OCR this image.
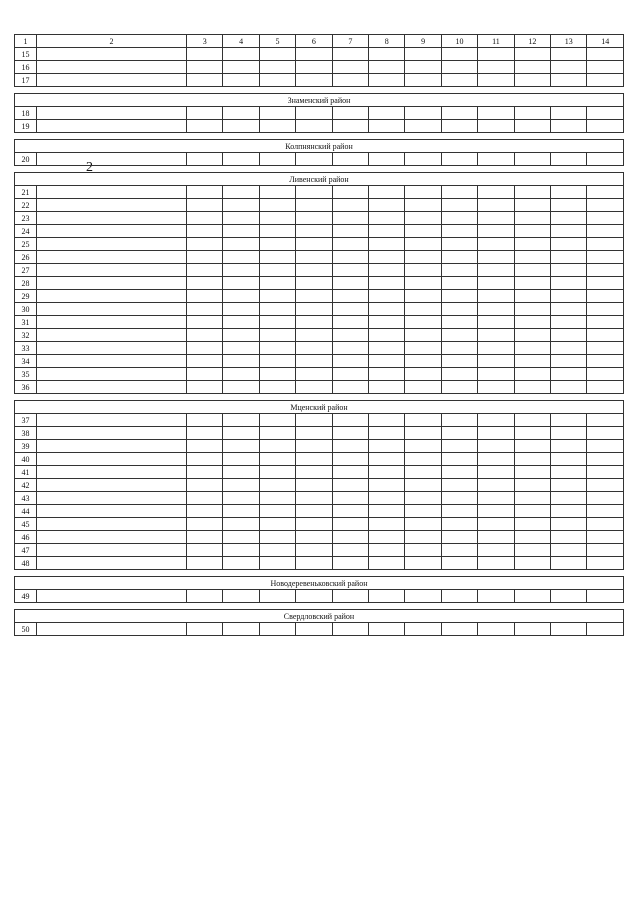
2
1	2	3	4	5	6	7	8	9	10	11	12	13	14
15													
16													
17													

Знаменский район													
18													
19													

Колпнянский район													
20													

Ливенский район													
21													
22													
23													
24													
25													
26													
27													
28													
29													
30													
31													
32													
33													
34													
35													
36													

Мценский район													
37													
38													
39													
40													
41													
42													
43													
44													
45													
46													
47													
48													

Новодеревеньковский район													
49													

Свердловский район													
50													
